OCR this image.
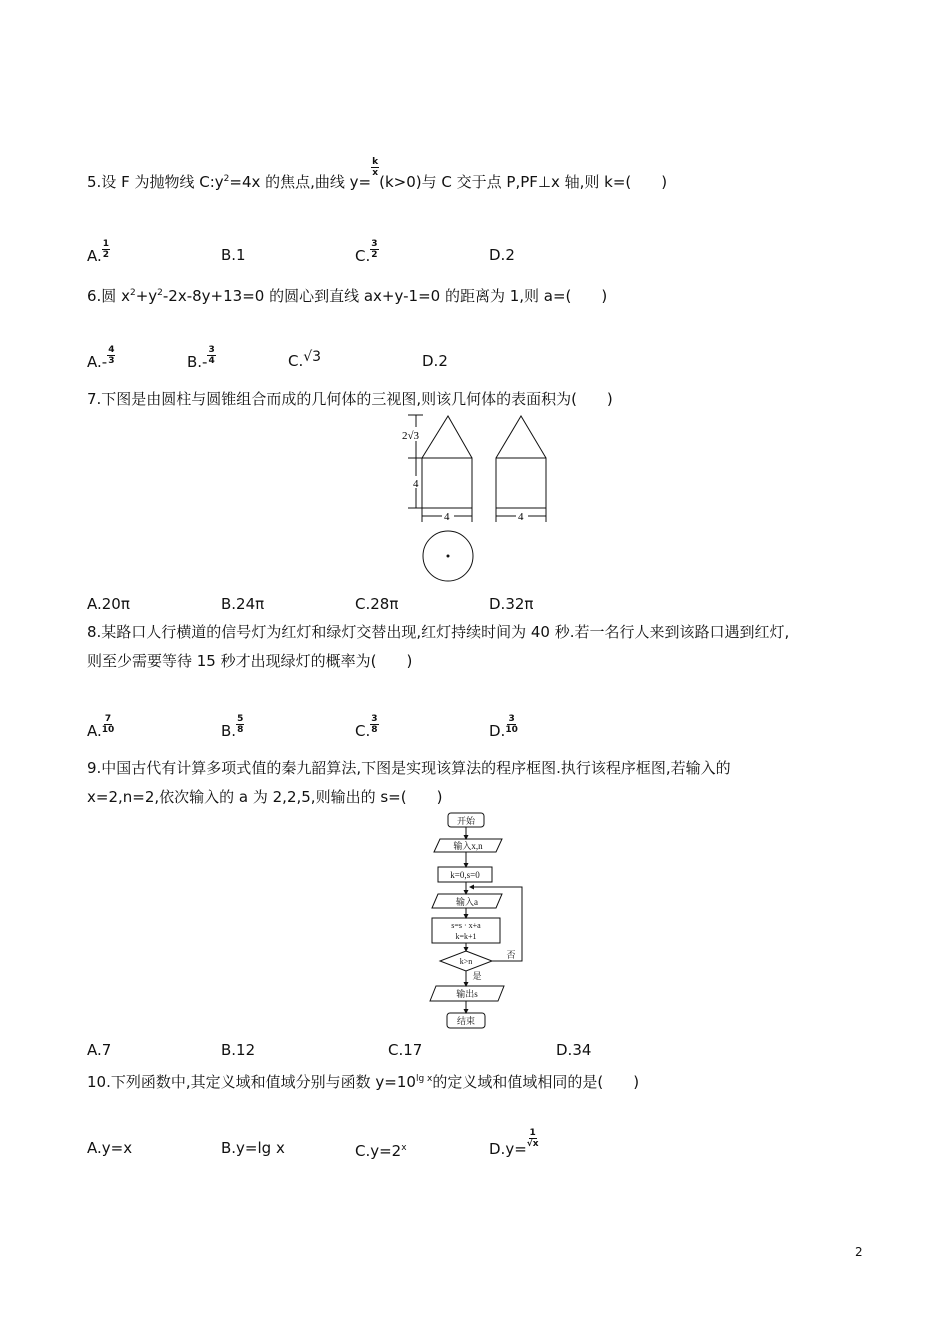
5.设 F 为抛物线 $C:y^2=4x$ 的焦点,曲线 y=
$\frac{k}{x}$
(k>0)与 C 交于点 P,PF⊥x 轴,则 k=(　　)
A. $\frac{1}{2}$	B.1	C. $\frac{3}{2}$	D.2
6.圆 $x^2+y^2-2x-8y+13=0$ 的圆心到直线 ax+y-1=0 的距离为 1,则 a=(　　)
$A.- \frac{4}{3}$	$B.- \frac{3}{4}$	C.√3	D.2
7.下图是由圆柱与圆锥组合而成的几何体的三视图,则该几何体的表面积为(　　)
2√3
4
4	4
A.20π	B.24π	C.28π	D.32π
8.某路口人行横道的信号灯为红灯和绿灯交替出现,红灯持续时间为 40 秒.若一名行人来到该路口遇到红灯,
则至少需要等待 15 秒才出现绿灯的概率为(　　)
A. $\frac{7}{10}$	B. $\frac{5}{8}$	C. $\frac{3}{8}$	D. $\frac{3}{10}$
9.中国古代有计算多项式值的秦九韶算法,下图是实现该算法的程序框图.执行该程序框图,若输入的
x=2,n=2,依次输入的 a 为 2,2,5,则输出的 s=(　　)
开始
输入x,n
k=0,s=0
输入a
s=s · x+a
k=k+1
k>n
否
是
输出s
结束
A.7	B.12	C.17	D.34
10.下列函数中,其定义域和值域分别与函数 $y=10^{lg x}$的定义域和值域相同的是(　　)
A.y=x	B.y=lg x	$C.y=2^x$	$D.y= \frac{1}{√x}$
2
